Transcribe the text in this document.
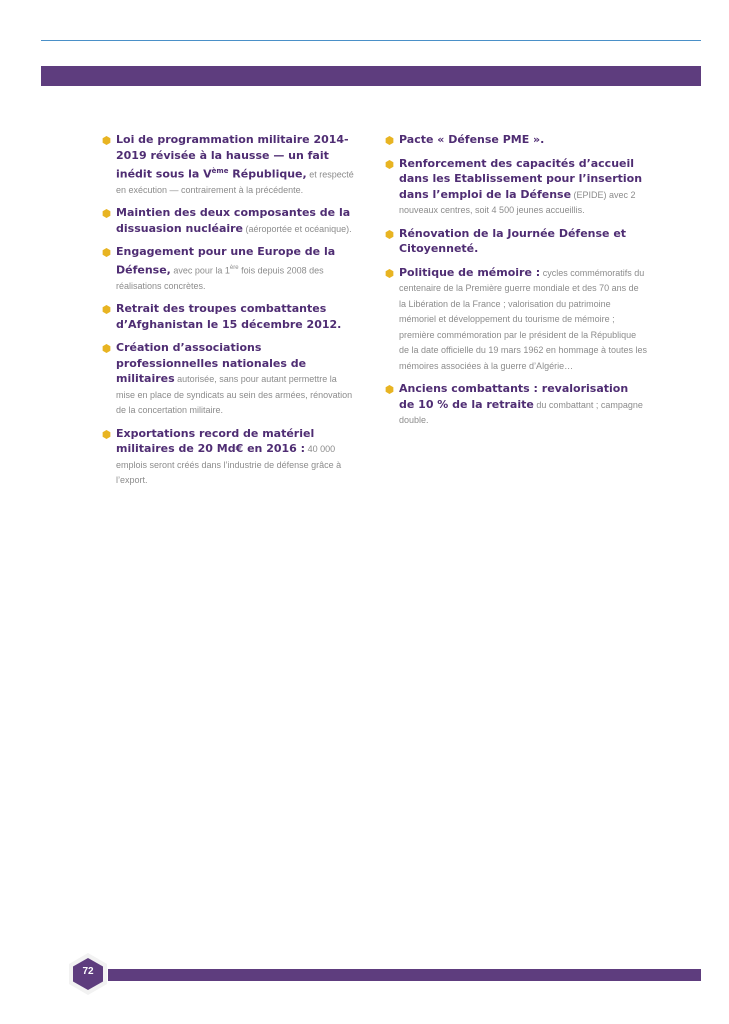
Loi de programmation militaire 2014-2019 révisée à la hausse — un fait inédit sous la Vème République, et respecté en exécution — contrairement à la précédente.
Maintien des deux composantes de la dissuasion nucléaire (aéroportée et océanique).
Engagement pour une Europe de la Défense, avec pour la 1ère fois depuis 2008 des réalisations concrètes.
Retrait des troupes combattantes d’Afghanistan le 15 décembre 2012.
Création d’associations professionnelles nationales de militaires autorisée, sans pour autant permettre la mise en place de syndicats au sein des armées, rénovation de la concertation militaire.
Exportations record de matériel militaires de 20 Md€ en 2016 : 40 000 emplois seront créés dans l’industrie de défense grâce à l’export.
Pacte « Défense PME ».
Renforcement des capacités d’accueil dans les Etablissement pour l’insertion dans l’emploi de la Défense (EPIDE) avec 2 nouveaux centres, soit 4 500 jeunes accueillis.
Rénovation de la Journée Défense et Citoyenneté.
Politique de mémoire : cycles commémoratifs du centenaire de la Première guerre mondiale et des 70 ans de la Libération de la France ; valorisation du patrimoine mémoriel et développement du tourisme de mémoire ; première commémoration par le président de la République de la date officielle du 19 mars 1962 en hommage à toutes les mémoires associées à la guerre d’Algérie…
Anciens combattants : revalorisation de 10 % de la retraite du combattant ; campagne double.
72
